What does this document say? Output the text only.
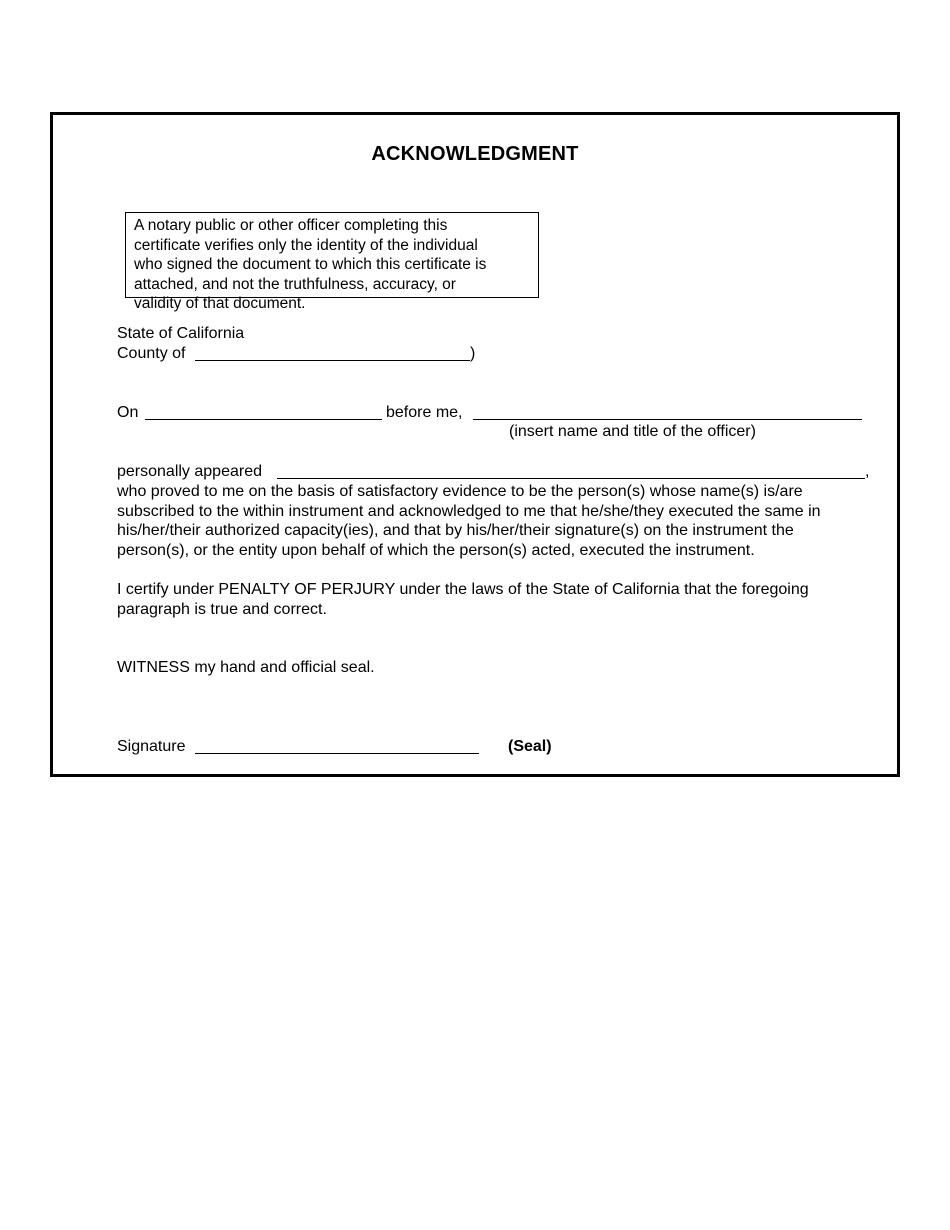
ACKNOWLEDGMENT
A notary public or other officer completing this
certificate verifies only the identity of the individual
who signed the document to which this certificate is
attached, and not the truthfulness, accuracy, or
validity of that document.
State of California
County of	)
On	before me,
(insert name and title of the officer)
personally appeared	,
who proved to me on the basis of satisfactory evidence to be the person(s) whose name(s) is/are
subscribed to the within instrument and acknowledged to me that he/she/they executed the same in
his/her/their authorized capacity(ies), and that by his/her/their signature(s) on the instrument the
person(s), or the entity upon behalf of which the person(s) acted, executed the instrument.
I certify under PENALTY OF PERJURY under the laws of the State of California that the foregoing
paragraph is true and correct.
WITNESS my hand and official seal.
Signature	(Seal)
